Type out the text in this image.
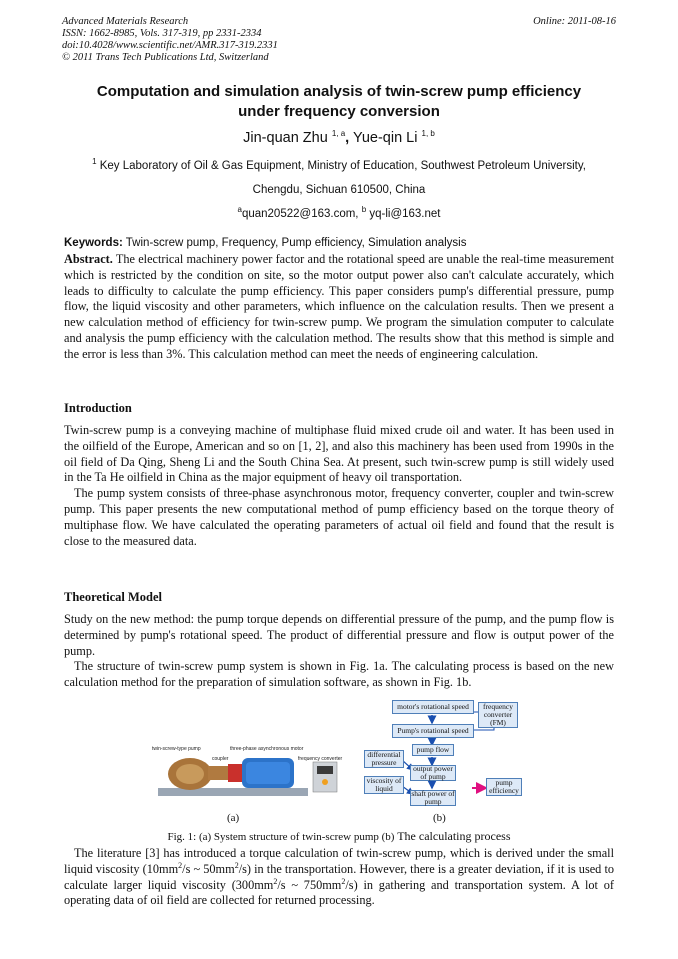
Advanced Materials Research
ISSN: 1662-8985, Vols. 317-319, pp 2331-2334
doi:10.4028/www.scientific.net/AMR.317-319.2331
© 2011 Trans Tech Publications Ltd, Switzerland
Online: 2011-08-16
Computation and simulation analysis of twin-screw pump efficiency
under frequency conversion
Jin-quan Zhu $^{1, a}$, Yue-qin Li $^{1, b}$
$^1$ Key Laboratory of Oil & Gas Equipment, Ministry of Education, Southwest Petroleum University,
Chengdu, Sichuan 610500, China
$^a$quan20522@163.com, $^b$ yq-li@163.net
Keywords: Twin-screw pump, Frequency, Pump efficiency, Simulation analysis

Abstract. The electrical machinery power factor and the rotational speed are unable the real-time measurement which is restricted by the condition on site, so the motor output power also can't calculate accurately, which leads to difficulty to calculate the pump efficiency. This paper considers pump's differential pressure, pump flow, the liquid viscosity and other parameters, which influence on the calculation results. Then we present a new calculation method of efficiency for twin-screw pump. We program the simulation computer to calculate and analysis the pump efficiency with the calculation method. The results show that this method is simple and the error is less than 3%. This calculation method can meet the needs of engineering calculation.

Introduction

Twin-screw pump is a conveying machine of multiphase fluid mixed crude oil and water. It has been used in the oilfield of the Europe, American and so on [1, 2], and also this machinery has been used from 1990s in the oil field of Da Qing, Sheng Li and the South China Sea. At present, such twin-screw pump is still widely used in the Ta He oilfield in China as the major equipment of heavy oil transportation.

The pump system consists of three-phase asynchronous motor, frequency converter, coupler and twin-screw pump. This paper presents the new computational method of pump efficiency based on the torque theory of multiphase flow. We have calculated the operating parameters of actual oil field and found that the result is close to the measured data.

Theoretical Model

Study on the new method: the pump torque depends on differential pressure of the pump, and the pump flow is determined by pump's rotational speed. The product of differential pressure and flow is output power of the pump.

The structure of twin-screw pump system is shown in Fig. 1a. The calculating process is based on the new calculation method for the preparation of simulation software, as shown in Fig. 1b.

twin-screw-type pump	three-phase asynchronous motor
coupler	frequency converter
(a)
motor's rotational speed	frequency converter (FM)
Pump's rotational speed
pump flow
differential pressure
output power of pump
viscosity of liquid
shaft power of pump
pump efficiency
(b)
Fig. 1: (a) System structure of twin-screw pump (b) The calculating process

The literature [3] has introduced a torque calculation of twin-screw pump, which is derived under the small liquid viscosity ($10mm^2/s$ ~ $50mm^2/s$) in the transportation. However, there is a greater deviation, if it is used to calculate larger liquid viscosity ($300mm^2/s$ ~ $750mm^2/s$) in gathering and transportation system. A lot of operating data of oil field are collected for returned processing.
